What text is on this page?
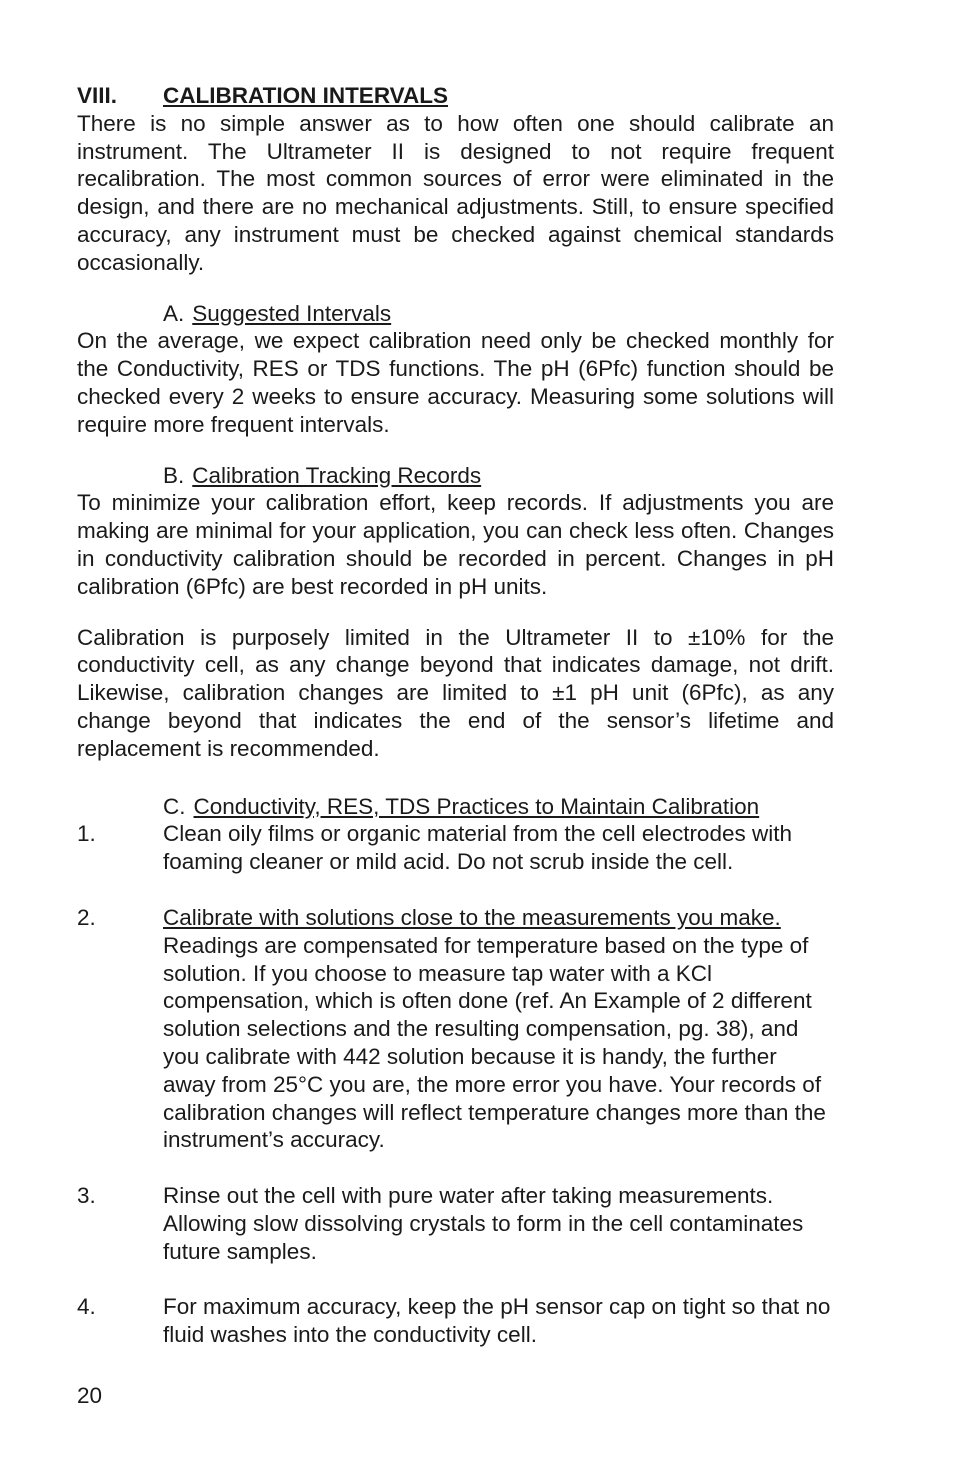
VIII.	CALIBRATION INTERVALS

There is no simple answer as to how often one should calibrate an instrument. The Ultrameter II is designed to not require frequent recalibration. The most common sources of error were eliminated in the design, and there are no mechanical adjustments. Still, to ensure specified accuracy, any instrument must be checked against chemical standards occasionally.

A. Suggested Intervals

On the average, we expect calibration need only be checked monthly for the Conductivity, RES or TDS functions. The pH (6Pfc) function should be checked every 2 weeks to ensure accuracy. Measuring some solutions will require more frequent intervals.

B. Calibration Tracking Records

To minimize your calibration effort, keep records. If adjustments you are making are minimal for your application, you can check less often. Changes in conductivity calibration should be recorded in percent. Changes in pH calibration (6Pfc) are best recorded in pH units.

Calibration is purposely limited in the Ultrameter II to ±10% for the conductivity cell, as any change beyond that indicates damage, not drift. Likewise, calibration changes are limited to ±1 pH unit (6Pfc), as any change beyond that indicates the end of the sensor’s lifetime and replacement is recommended.

C. Conductivity, RES, TDS Practices to Maintain Calibration
1.	Clean oily films or organic material from the cell electrodes with foaming cleaner or mild acid. Do not scrub inside the cell.
2.	Calibrate with solutions close to the measurements you make.
Readings are compensated for temperature based on the type of solution. If you choose to measure tap water with a KCl compensation, which is often done (ref. An Example of 2 different solution selections and the resulting compensation, pg. 38), and you calibrate with 442 solution because it is handy, the further away from 25°C you are, the more error you have. Your records of calibration changes will reflect temperature changes more than the instrument’s accuracy.
3.	Rinse out the cell with pure water after taking measurements. Allowing slow dissolving crystals to form in the cell contaminates future samples.
4.	For maximum accuracy, keep the pH sensor cap on tight so that no fluid washes into the conductivity cell.
20
